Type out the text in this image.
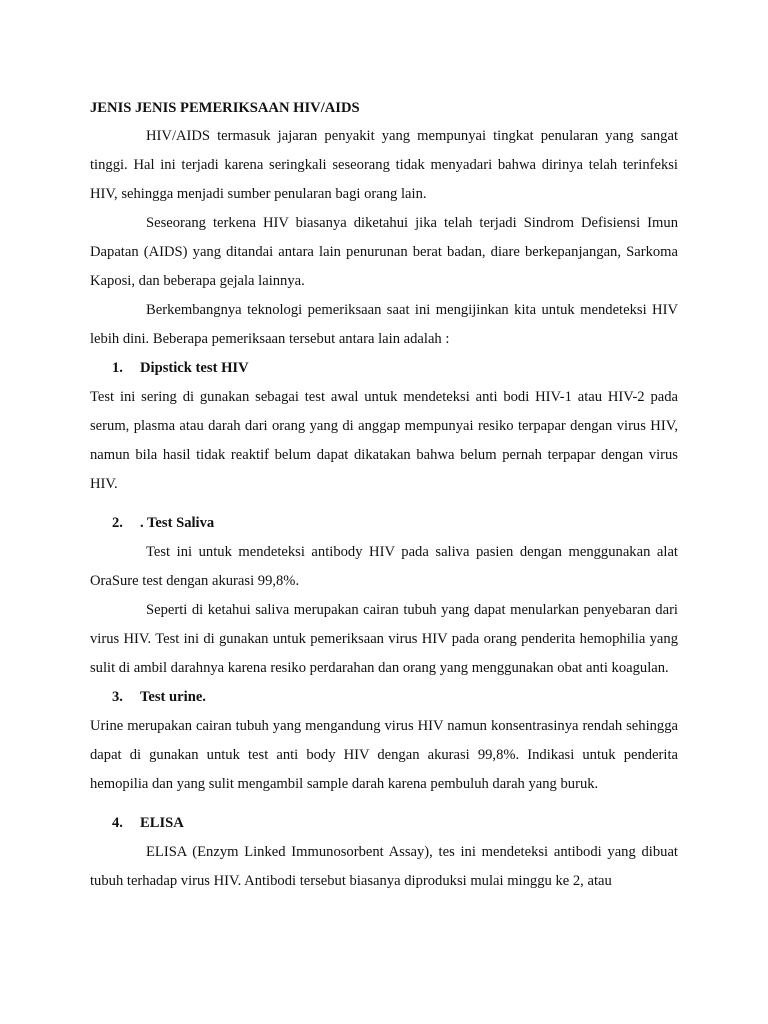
JENIS JENIS PEMERIKSAAN HIV/AIDS

HIV/AIDS termasuk jajaran penyakit yang mempunyai tingkat penularan yang sangat tinggi. Hal ini terjadi karena seringkali seseorang tidak menyadari bahwa dirinya telah terinfeksi HIV, sehingga menjadi sumber penularan bagi orang lain.

Seseorang terkena HIV biasanya diketahui jika telah terjadi Sindrom Defisiensi Imun Dapatan (AIDS) yang ditandai antara lain penurunan berat badan, diare berkepanjangan, Sarkoma Kaposi, dan beberapa gejala lainnya.

Berkembangnya teknologi pemeriksaan saat ini mengijinkan kita untuk mendeteksi HIV lebih dini. Beberapa pemeriksaan tersebut antara lain adalah :

1.	Dipstick test HIV

Test ini sering di gunakan sebagai test awal untuk mendeteksi anti bodi HIV-1 atau HIV-2 pada serum, plasma atau darah dari orang yang di anggap mempunyai resiko terpapar dengan virus HIV, namun bila hasil tidak reaktif belum dapat dikatakan bahwa belum pernah terpapar dengan virus HIV.

2.	. Test Saliva

Test ini untuk mendeteksi antibody HIV pada saliva pasien dengan menggunakan alat OraSure test dengan akurasi 99,8%.

Seperti di ketahui saliva merupakan cairan tubuh yang dapat menularkan penyebaran dari virus HIV. Test ini di gunakan untuk pemeriksaan virus HIV pada orang penderita hemophilia yang sulit di ambil darahnya karena resiko perdarahan dan orang yang menggunakan obat anti koagulan.

3.	Test urine.

Urine merupakan cairan tubuh yang mengandung virus HIV namun konsentrasinya rendah sehingga dapat di gunakan untuk test anti body HIV dengan akurasi 99,8%. Indikasi untuk penderita hemopilia dan yang sulit mengambil sample darah karena pembuluh darah yang buruk.

4.	ELISA

ELISA (Enzym Linked Immunosorbent Assay), tes ini mendeteksi antibodi yang dibuat tubuh terhadap virus HIV. Antibodi tersebut biasanya diproduksi mulai minggu ke 2, atau
